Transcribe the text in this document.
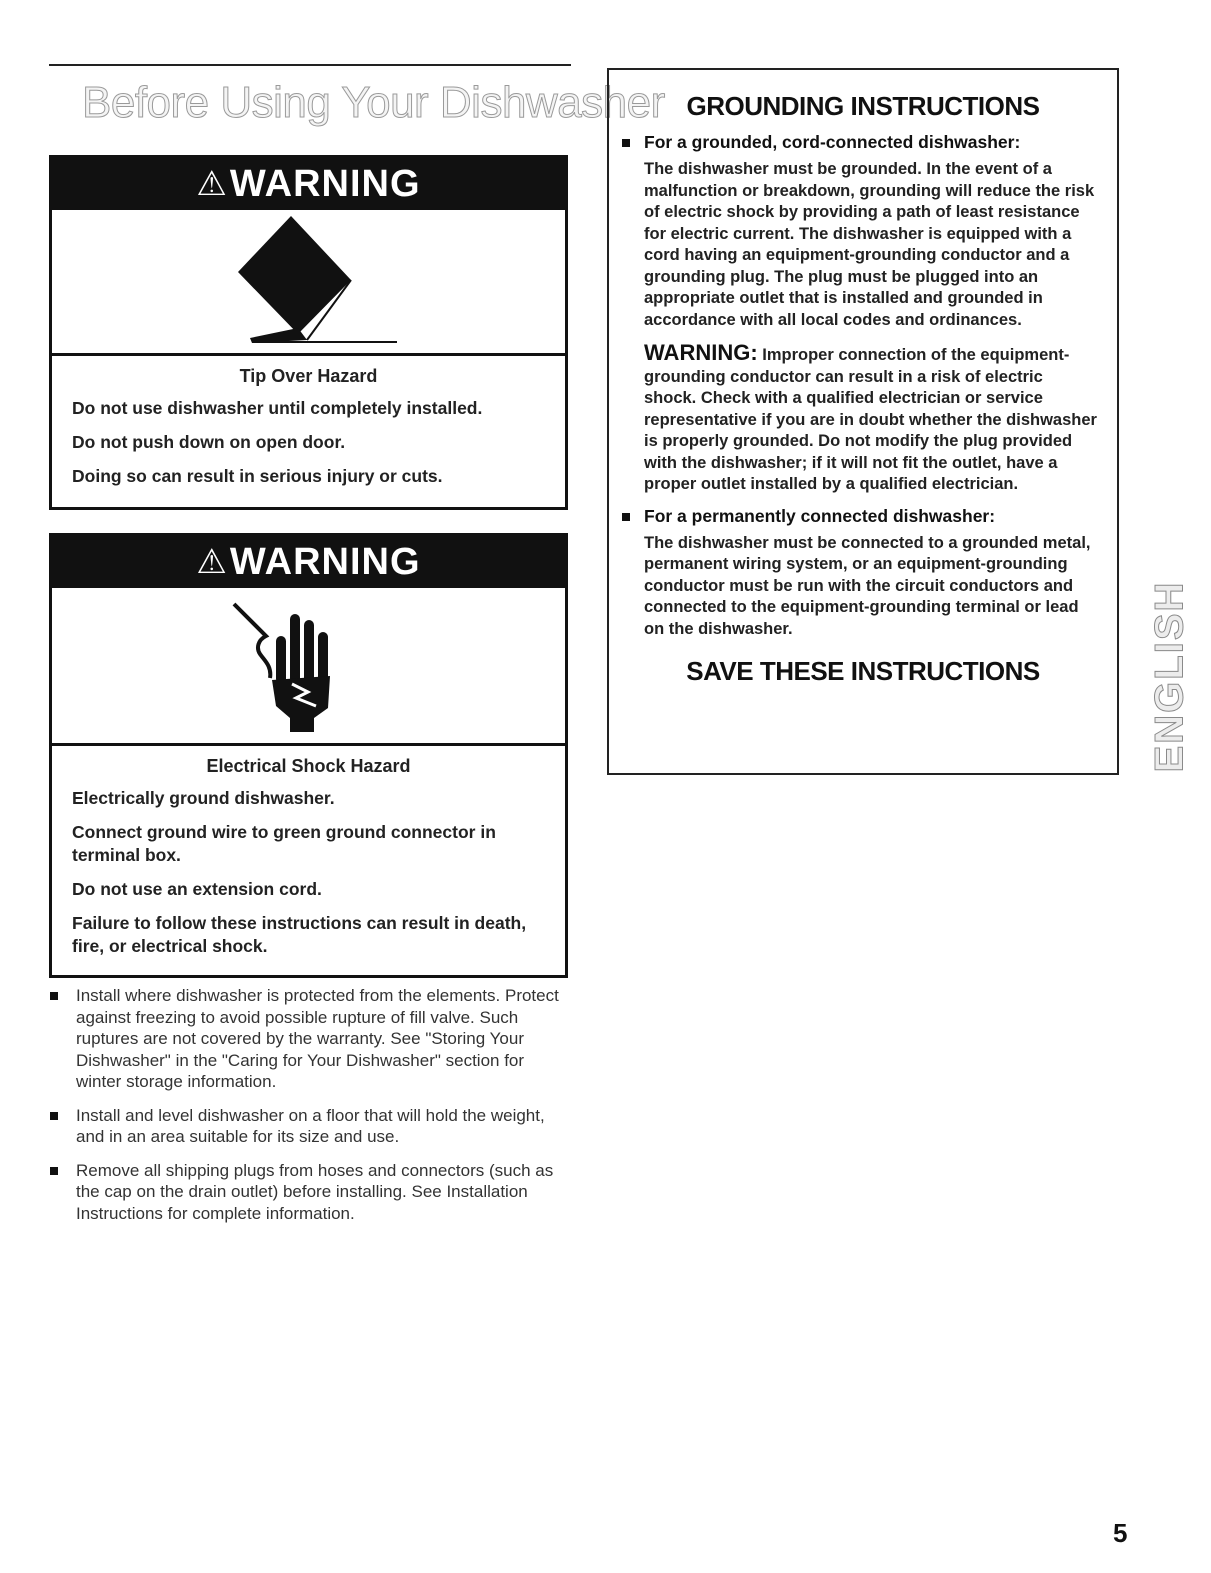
Before Using Your Dishwasher
⚠ WARNING
Tip Over Hazard
Do not use dishwasher until completely installed.
Do not push down on open door.
Doing so can result in serious injury or cuts.
⚠ WARNING
Electrical Shock Hazard
Electrically ground dishwasher.
Connect ground wire to green ground connector in terminal box.
Do not use an extension cord.
Failure to follow these instructions can result in death, fire, or electrical shock.
Install where dishwasher is protected from the elements. Protect against freezing to avoid possible rupture of fill valve. Such ruptures are not covered by the warranty. See "Storing Your Dishwasher" in the "Caring for Your Dishwasher" section for winter storage information.
Install and level dishwasher on a floor that will hold the weight, and in an area suitable for its size and use.
Remove all shipping plugs from hoses and connectors (such as the cap on the drain outlet) before installing. See Installation Instructions for complete information.
GROUNDING INSTRUCTIONS
For a grounded, cord-connected dishwasher:
The dishwasher must be grounded. In the event of a malfunction or breakdown, grounding will reduce the risk of electric shock by providing a path of least resistance for electric current. The dishwasher is equipped with a cord having an equipment-grounding conductor and a grounding plug. The plug must be plugged into an appropriate outlet that is installed and grounded in accordance with all local codes and ordinances.
WARNING: Improper connection of the equipment-grounding conductor can result in a risk of electric shock. Check with a qualified electrician or service representative if you are in doubt whether the dishwasher is properly grounded. Do not modify the plug provided with the dishwasher; if it will not fit the outlet, have a proper outlet installed by a qualified electrician.
For a permanently connected dishwasher:
The dishwasher must be connected to a grounded metal, permanent wiring system, or an equipment-grounding conductor must be run with the circuit conductors and connected to the equipment-grounding terminal or lead on the dishwasher.
SAVE THESE INSTRUCTIONS	ENGLISH
5
